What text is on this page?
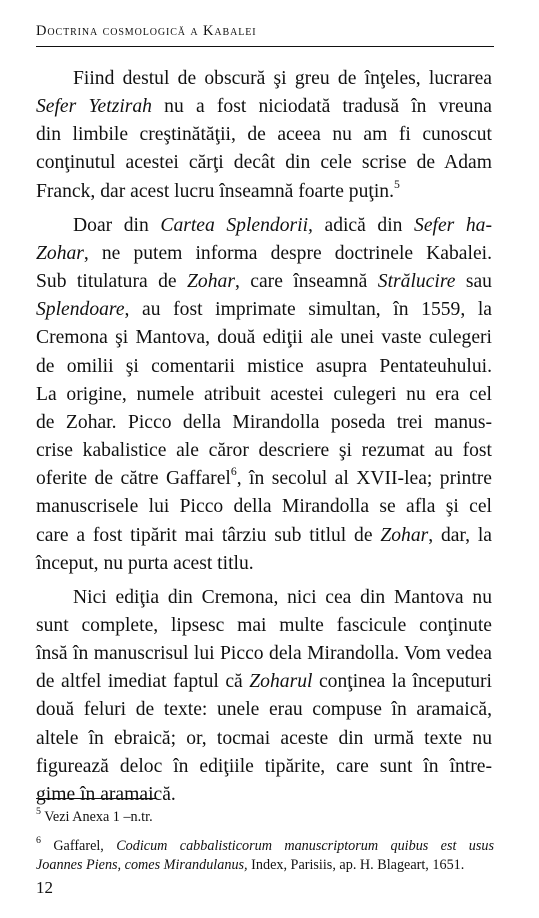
Doctrina cosmologică a Kabalei

Fiind destul de obscură şi greu de înţeles, lucrarea
Sefer Yetzirah nu a fost niciodată tradusă în vreuna
din limbile creştinătăţii, de aceea nu am fi cunoscut
conţinutul acestei cărţi decât din cele scrise de Adam
Franck, dar acest lucru înseamnă foarte puţin.$^5$

Doar din Cartea Splendorii, adică din Sefer ha-
Zohar, ne putem informa despre doctrinele Kabalei.
Sub titulatura de Zohar, care înseamnă Strălucire sau
Splendoare, au fost imprimate simultan, în 1559, la
Cremona şi Mantova, două ediţii ale unei vaste culegeri
de omilii şi comentarii mistice asupra Pentateuhului.
La origine, numele atribuit acestei culegeri nu era cel
de Zohar. Picco della Mirandolla poseda trei manus-
crise kabalistice ale căror descriere şi rezumat au fost
oferite de către Gaffarel$^6$, în secolul al XVII-lea; printre
manuscrisele lui Picco della Mirandolla se afla şi cel
care a fost tipărit mai târziu sub titlul de Zohar, dar, la
început, nu purta acest titlu.

Nici ediţia din Cremona, nici cea din Mantova nu
sunt complete, lipsesc mai multe fascicule conţinute
însă în manuscrisul lui Picco dela Mirandolla. Vom vedea
de altfel imediat faptul că Zoharul conţinea la începuturi
două feluri de texte: unele erau compuse în aramaică,
altele în ebraică; or, tocmai aceste din urmă texte nu
figurează deloc în ediţiile tipărite, care sunt în între-
gime în aramaică.

$^5$ Vezi Anexa 1 –n.tr.

$^6$ Gaffarel, Codicum cabbalisticorum manuscriptorum quibus est usus
Joannes Piens, comes Mirandulanus, Index, Parisiis, ap. H. Blageart, 1651.

12
